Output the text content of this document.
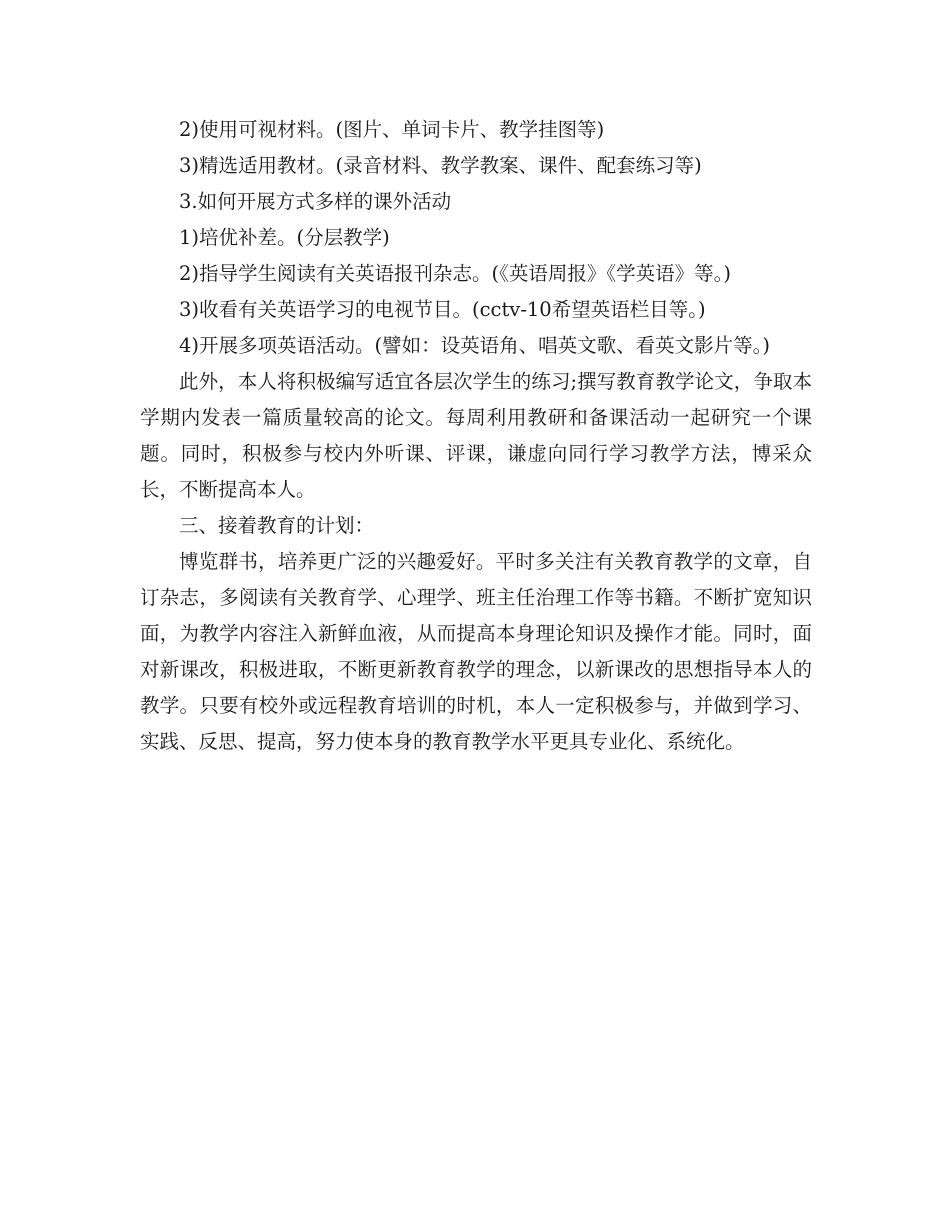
2)使用可视材料。(图片、单词卡片、教学挂图等)

3)精选适用教材。(录音材料、教学教案、课件、配套练习等)

3.如何开展方式多样的课外活动

1)培优补差。(分层教学)

2)指导学生阅读有关英语报刊杂志。(《英语周报》《学英语》等。)

3)收看有关英语学习的电视节目。(cctv-10希望英语栏目等。)

4)开展多项英语活动。(譬如：设英语角、唱英文歌、看英文影片等。)

此外，本人将积极编写适宜各层次学生的练习;撰写教育教学论文，争取本学期内发表一篇质量较高的论文。每周利用教研和备课活动一起研究一个课题。同时，积极参与校内外听课、评课，谦虚向同行学习教学方法，博采众长，不断提高本人。

三、接着教育的计划：

博览群书，培养更广泛的兴趣爱好。平时多关注有关教育教学的文章，自订杂志，多阅读有关教育学、心理学、班主任治理工作等书籍。不断扩宽知识面，为教学内容注入新鲜血液，从而提高本身理论知识及操作才能。同时，面对新课改，积极进取，不断更新教育教学的理念，以新课改的思想指导本人的教学。只要有校外或远程教育培训的时机，本人一定积极参与，并做到学习、实践、反思、提高，努力使本身的教育教学水平更具专业化、系统化。
